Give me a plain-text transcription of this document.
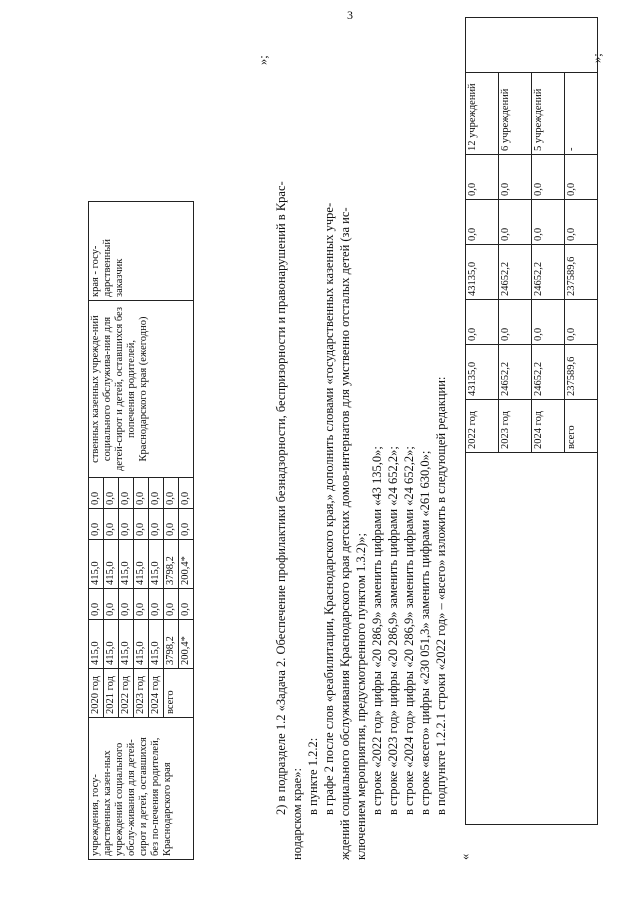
3
учреждения, госу-дарственных казен-ных учреждений социального обслу-живания для детей-сирот и детей, оставшихся без по-печения родителей, Краснодарского края	2020 год	415,0	0,0	415,0	0,0	0,0	ственных казенных учрежде-ний социального обслужива-ния для детей-сирот и детей, оставшихся без попечения родителей, Краснодарского края (ежегодно)	края - госу-дарственный заказчик
	2021 год	415,0	0,0	415,0	0,0	0,0		
	2022 год	415,0	0,0	415,0	0,0	0,0		
	2023 год	415,0	0,0	415,0	0,0	0,0		
	2024 год	415,0	0,0	415,0	0,0	0,0		
	всего	3798,2	0,0	3798,2	0,0	0,0		
		200,4*	0,0	200,4*	0,0	0,0		
»;
2) в подразделе 1.2 «Задача 2. Обеспечение профилактики безнадзорности, беспризорности и правонарушений в Крас- нодарском крае»: в пункте 1.2.2: в графе 2 после слов «реабилитации, Краснодарского края,» дополнить словами «государственных казенных учре- ждений социального обслуживания Краснодарского края детских домов-интернатов для умственно отсталых детей (за ис- ключением мероприятия, предусмотренного пунктом 1.3.2)»; в строке «2022 год» цифры «20 286,9» заменить цифрами «43 135,0»; в строке «2023 год» цифры «20 286,9» заменить цифрами «24 652,2»; в строке «2024 год» цифры «20 286,9» заменить цифрами «24 652,2»; в строке «всего» цифры «230 051,3» заменить цифрами «261 630,0»; в подпункте 1.2.2.1 строки «2022 год» – «всего» изложить в следующей редакции:
«
	2022 год	43135,0	0,0	43135,0	0,0	0,0	12 учреждений	
	2023 год	24652,2	0,0	24652,2	0,0	0,0	6 учреждений	
	2024 год	24652,2	0,0	24652,2	0,0	0,0	5 учреждений	
	всего	237589,6	0,0	237589,6	0,0	0,0	-	
»;
